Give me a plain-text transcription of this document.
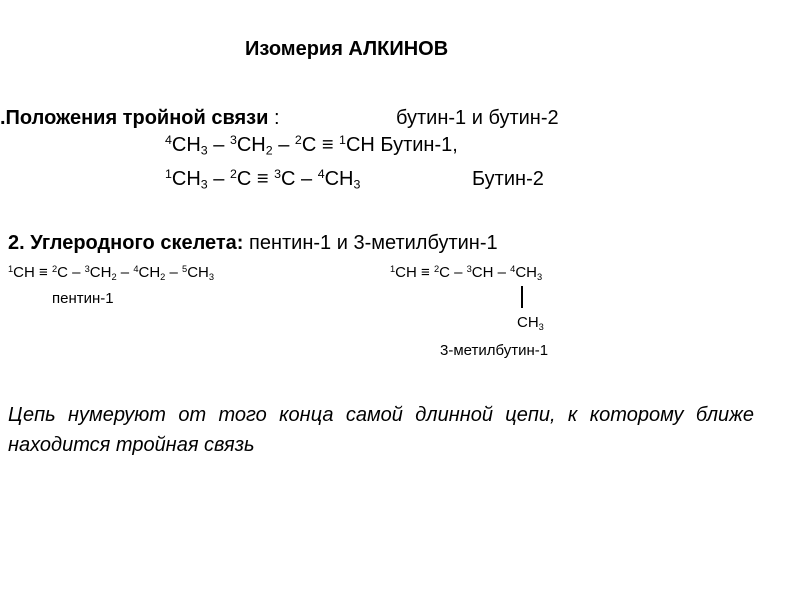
Изомерия АЛКИНОВ
.Положения тройной связи :	бутин-1 и бутин-2
$^4CH_3 - ^3CH_2 - ^2C \equiv ^1CH$ Бутин-1,
$^1CH_3 - ^2C \equiv ^3C - ^4CH_3$	Бутин-2
2. Углеродного скелета: пентин-1 и 3-метилбутин-1
$^1CH \equiv ^2C - ^3CH_2 - ^4CH_2 - ^5CH_3$
пентин-1
$^1CH \equiv ^2C - ^3CH - ^4CH_3$
$CH_3$
3-метилбутин-1
Цепь нумеруют от того конца самой длинной цепи, к которому ближе находится тройная связь
